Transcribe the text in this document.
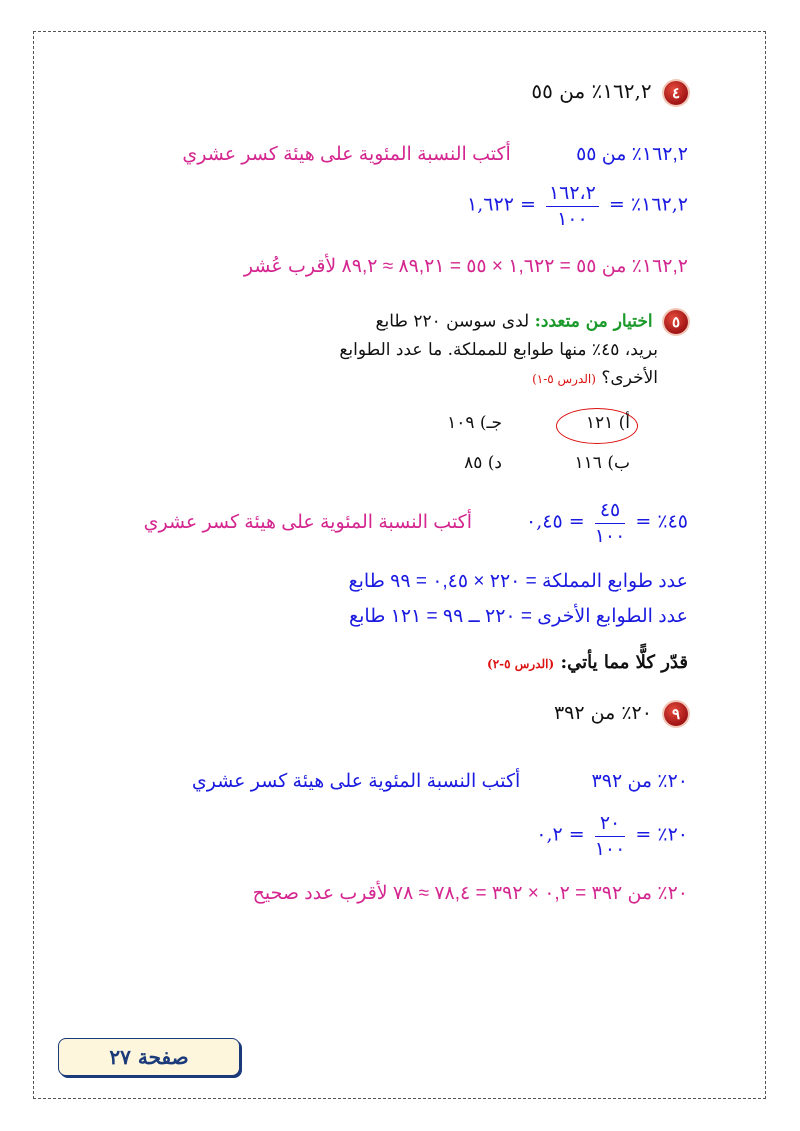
٤ ١٦٢,٢٪ من ٥٥
١٦٢,٢٪ من ٥٥ أكتب النسبة المئوية على هيئة كسر عشري
١٦٢,٢٪ =
$\frac{١٦٢،٢}{١٠٠}$
= ١,٦٢٢
١٦٢,٢٪ من ٥٥ = ١,٦٢٢ × ٥٥ = ٨٩,٢١ ≈ ٨٩,٢ لأقرب عُشر
٥ اختيار من متعدد: لدى سوسن ٢٢٠ طابع
بريد، ٤٥٪ منها طوابع للمملكة. ما عدد الطوابع
الأخرى؟ (الدرس ٥-١)
أ) ١٢١
جـ) ١٠٩
ب) ١١٦
د) ٨٥
٤٥٪ =
$\frac{٤٥}{١٠٠}$
= ٠,٤٥ أكتب النسبة المئوية على هيئة كسر عشري
عدد طوابع المملكة = ٢٢٠ × ٠,٤٥ = ٩٩ طابع
عدد الطوابع الأخرى = ٢٢٠ ــ ٩٩ = ١٢١ طابع
قدّر كلًّا مما يأتي: (الدرس ٥-٢)
٩ ٢٠٪ من ٣٩٢
٢٠٪ من ٣٩٢ أكتب النسبة المئوية على هيئة كسر عشري
٢٠٪ =
$\frac{٢٠}{١٠٠}$
= ٠,٢
٢٠٪ من ٣٩٢ = ٠,٢ × ٣٩٢ = ٧٨,٤ ≈ ٧٨ لأقرب عدد صحيح
صفحة ٢٧
